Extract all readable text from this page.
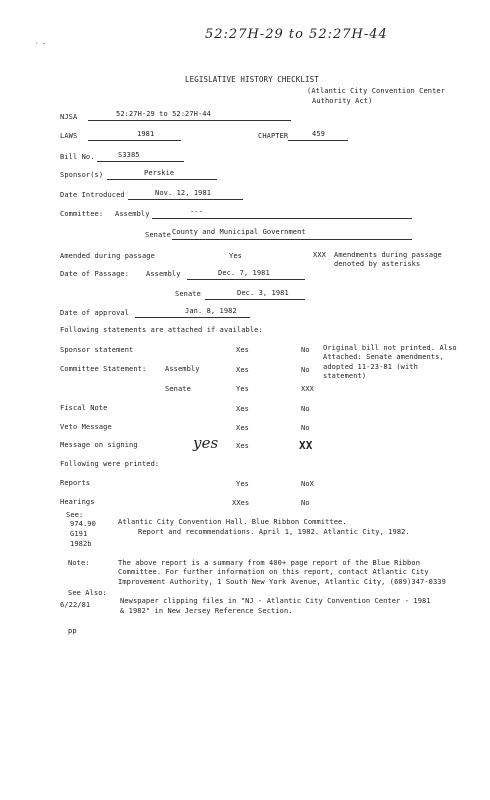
52:27H-29 to 52:27H-44
· -
LEGISLATIVE HISTORY CHECKLIST
(Atlantic City Convention Center
Authority Act)
NJSA	52:27H-29 to 52:27H-44
LAWS	1981	CHAPTER	459
Bill No.	S3385
Sponsor(s)	Perskie
Date Introduced	Nov. 12, 1981
Committee: Assembly	---
Senate County and Municipal Government
Amended during passage	Yes	XXX Amendments during passage
denoted by asterisks
Date of Passage: Assembly	Dec. 7, 1981
Senate	Dec. 3, 1981
Date of approval	Jan. 8, 1982
Following statements are attached if available:
Sponsor statement	Xes	No
Committee Statement:	Assembly	Xes	No
Senate	Yes	XXX
Original bill not printed. Also
Attached: Senate amendments,
adopted 11-23-81 (with
statement)
Fiscal Note	Xes	No
Veto Message	Xes	No
Message on signing	yes	Xes	XX
Following were printed:
Reports	Yes	NoX
Hearings	XXes	No
See:
974.90
G191
1982b
Atlantic City Convention Hall. Blue Ribbon Committee.
Report and recommendations. April 1, 1982. Atlantic City, 1982.
Note:	The above report is a summary from 400+ page report of the Blue Ribbon
Committee. For further information on this report, contact Atlantic City
Improvement Authority, 1 South New York Avenue, Atlantic City, (609)347-0339
See Also:
6/22/81	Newspaper clipping files in "NJ - Atlantic City Convention Center - 1981
& 1982" in New Jersey Reference Section.
pp
